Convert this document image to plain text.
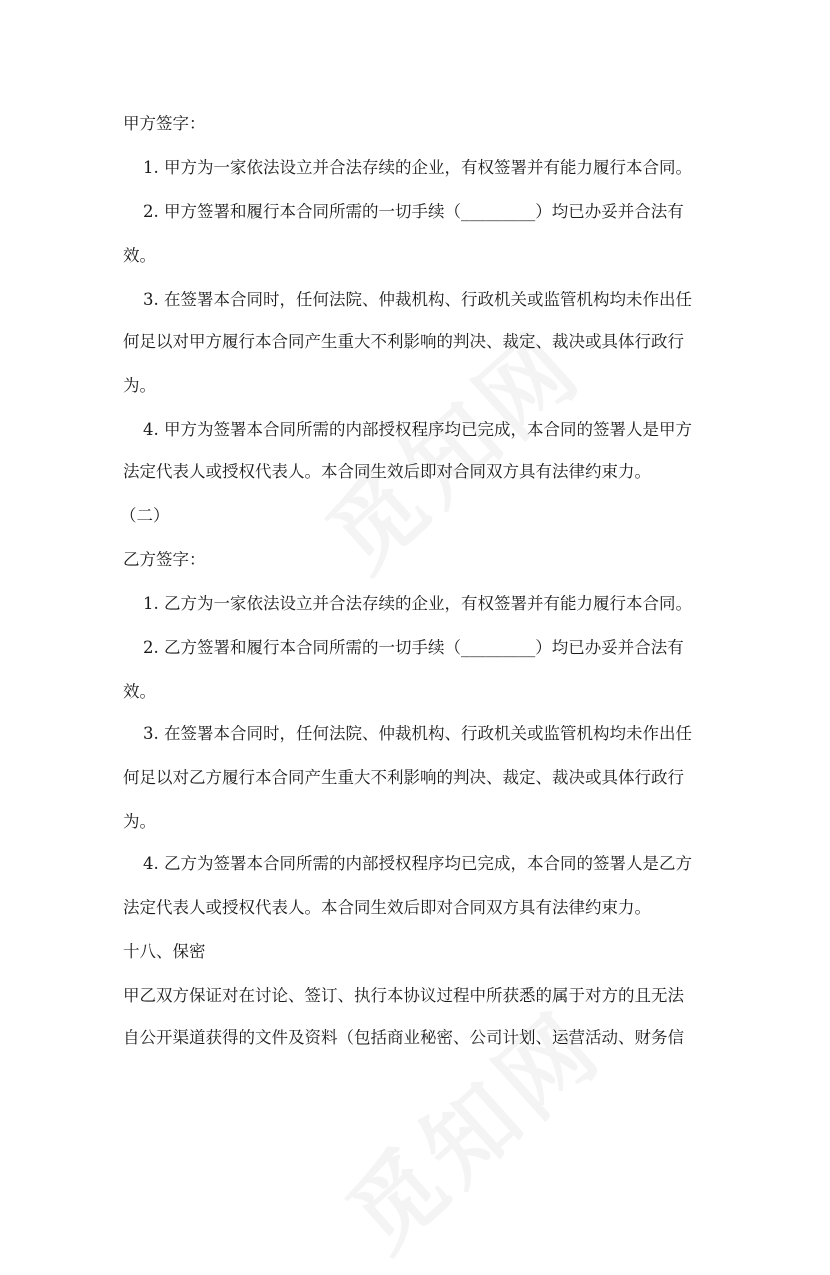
甲方签字：
1. 甲方为一家依法设立并合法存续的企业，有权签署并有能力履行本合同。
2. 甲方签署和履行本合同所需的一切手续（_________）均已办妥并合法有
效。
3. 在签署本合同时，任何法院、仲裁机构、行政机关或监管机构均未作出任
何足以对甲方履行本合同产生重大不利影响的判决、裁定、裁决或具体行政行
为。
4. 甲方为签署本合同所需的内部授权程序均已完成，本合同的签署人是甲方
法定代表人或授权代表人。本合同生效后即对合同双方具有法律约束力。
（二）
乙方签字：
1. 乙方为一家依法设立并合法存续的企业，有权签署并有能力履行本合同。
2. 乙方签署和履行本合同所需的一切手续（_________）均已办妥并合法有
效。
3. 在签署本合同时，任何法院、仲裁机构、行政机关或监管机构均未作出任
何足以对乙方履行本合同产生重大不利影响的判决、裁定、裁决或具体行政行
为。
4. 乙方为签署本合同所需的内部授权程序均已完成，本合同的签署人是乙方
法定代表人或授权代表人。本合同生效后即对合同双方具有法律约束力。
十八、保密
甲乙双方保证对在讨论、签订、执行本协议过程中所获悉的属于对方的且无法
自公开渠道获得的文件及资料（包括商业秘密、公司计划、运营活动、财务信
